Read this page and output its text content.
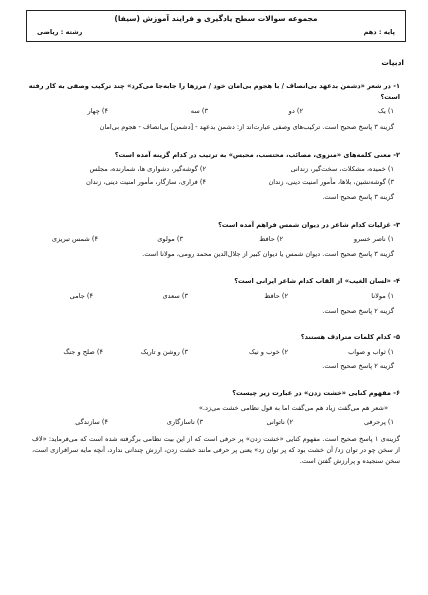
مجموعه سوالات سطح یادگیری و فرایند آموزش (سیفا)
پایه : دهم
رشته : ریاضی
ادبیات
۱- در شعر «دشمن بدعهد بی‌انصاف / با هجوم بی‌امان خود / مرزها را جابه‌جا می‌کرد» چند ترکیب وصفی به کار رفته
است؟
۱) یک
۲) دو
۳) سه
۴) چهار
گزینه ۳ پاسخ صحیح است. ترکیب‌های وصفی عبارت‌اند از: دشمن بدعهد - [دشمن] بی‌انصاف - هجوم بی‌امان
۲- معنی کلمه‌های «منزوی، مصائب، محتسب، محبس» به ترتیب در کدام گزینه آمده است؟
۱) خمیده، مشکلات، سخت‌گیر، زندانی
۲) گوشه‌گیر، دشواری ها، شمارنده، مجلس
۳) گوشه‌نشین، بلاها، مأمور امنیت دینی، زندان
۴) فراری، سازگار، مأمور امنیت دینی، زندان
گزینه ۳ پاسخ صحیح است.
۳- غزلیات کدام شاعر در دیوان شمس فراهم آمده است؟
۱) ناصر خسرو
۲) حافظ
۳) مولوی
۴) شمس تبریزی
گزینه ۳ پاسخ صحیح است. دیوان شمس یا دیوان کبیر از جلال‌الدین محمد رومی، مولانا است.
۴- «لسان الغیب» از القاب کدام شاعر ایرانی است؟
۱) مولانا
۲) حافظ
۳) سعدی
۴) جامی
گزینه ۲ پاسخ صحیح است.
۵- کدام کلمات مترادف هستند؟
۱) ثواب و صواب
۲) خوب و نیک
۳) روشن و تاریک
۴) صلح و جنگ
گزینه ۲ پاسخ صحیح است.
۶- مفهوم کنایی «خشت زدن» در عبارت زیر چیست؟
«شعر هم می‌گفت زیاد هم می‌گفت اما به قول نظامی خشت می‌زد.»
۱) پرحرفی
۲) ناتوانی
۳) ناسازگاری
۴) سازندگی
گزینه‌ی ۱ پاسخ صحیح است. مفهوم کنایی «خشت زدن» پر حرفی است که از این بیت نظامی برگرفته شده است که می‌فرماید: «لاف از سخن چو در توان زد/ آن خشت بود که پر توان زد» یعنی پر حرفی مانند خشت زدن، ارزش چندانی ندارد، آنچه مایه سرافرازی است، سخن سنجیده و پرارزش گفتن است.
